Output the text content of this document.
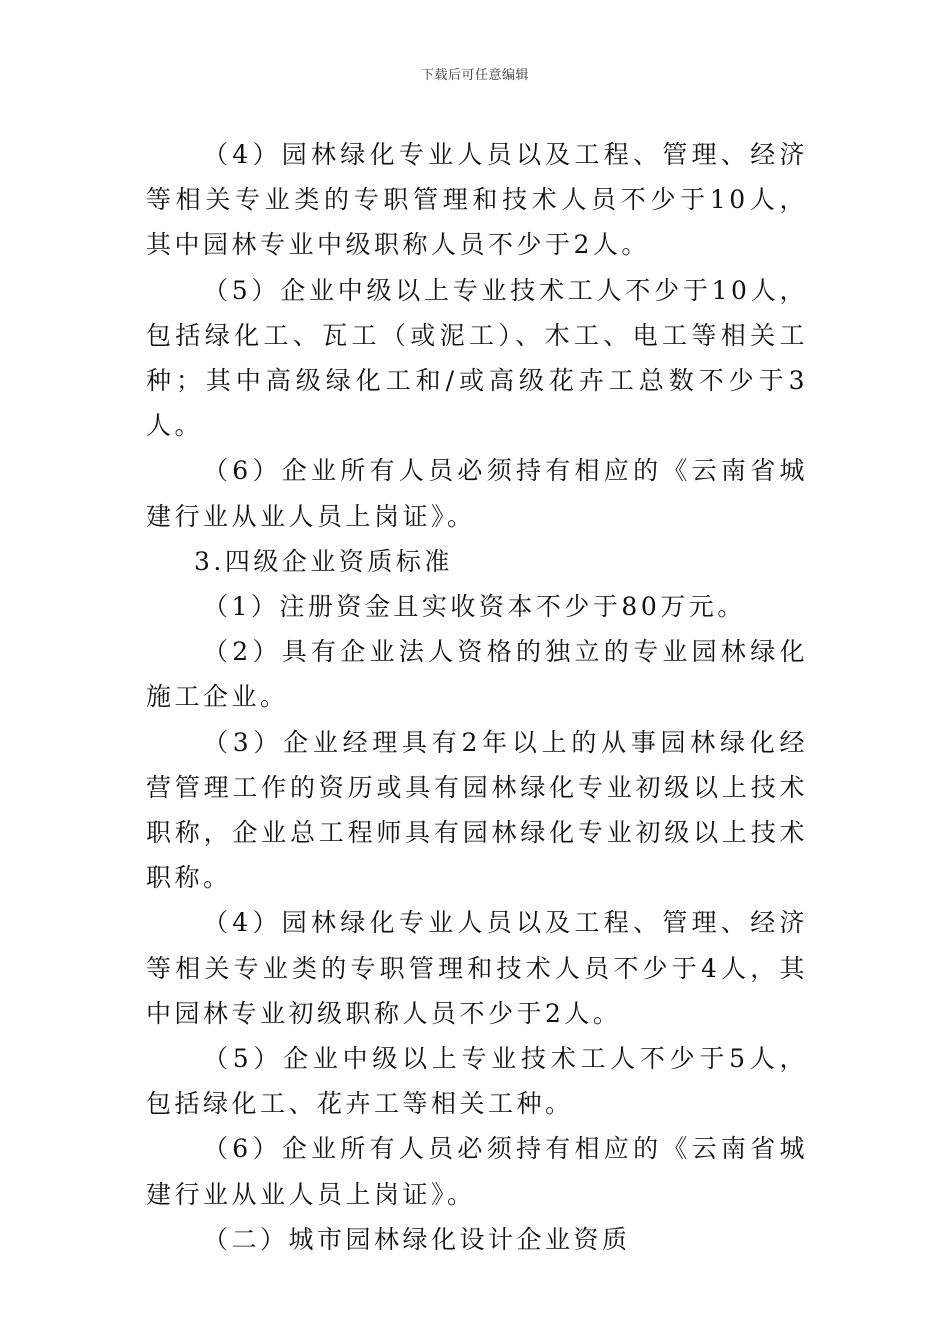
下载后可任意编辑

（4）园林绿化专业人员以及工程、管理、经济等相关专业类的专职管理和技术人员不少于10人，其中园林专业中级职称人员不少于2人。

（5）企业中级以上专业技术工人不少于10人，包括绿化工、瓦工（或泥工）、木工、电工等相关工种；其中高级绿化工和/或高级花卉工总数不少于3人。

（6）企业所有人员必须持有相应的《云南省城建行业从业人员上岗证》。

3.四级企业资质标准

（1）注册资金且实收资本不少于80万元。

（2）具有企业法人资格的独立的专业园林绿化施工企业。

（3）企业经理具有2年以上的从事园林绿化经营管理工作的资历或具有园林绿化专业初级以上技术职称，企业总工程师具有园林绿化专业初级以上技术职称。

（4）园林绿化专业人员以及工程、管理、经济等相关专业类的专职管理和技术人员不少于4人，其中园林专业初级职称人员不少于2人。

（5）企业中级以上专业技术工人不少于5人，包括绿化工、花卉工等相关工种。

（6）企业所有人员必须持有相应的《云南省城建行业从业人员上岗证》。

（二）城市园林绿化设计企业资质
